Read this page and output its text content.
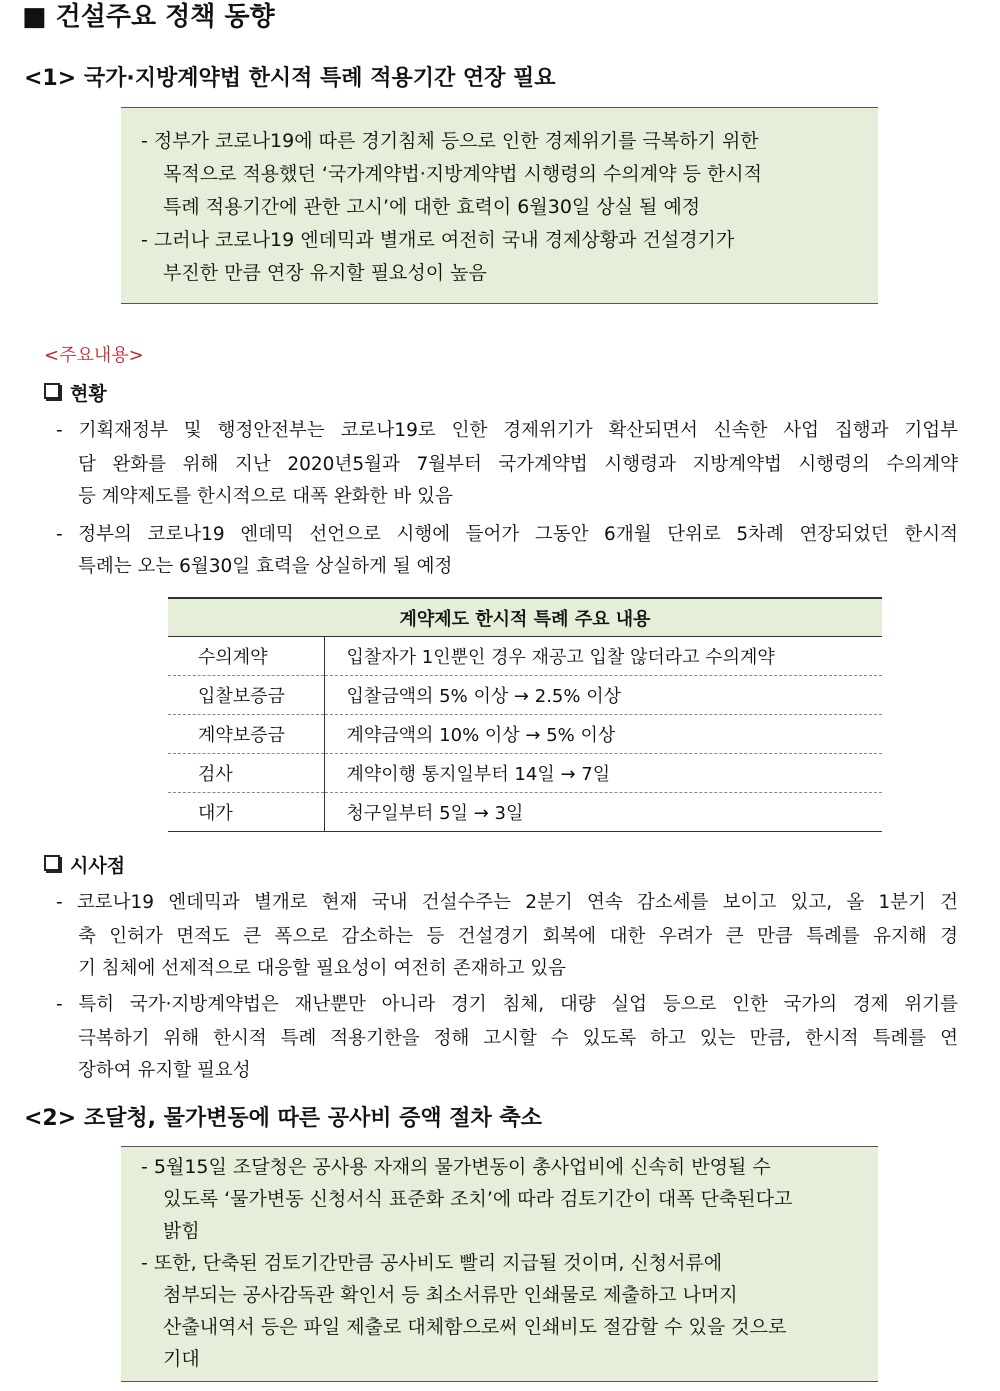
■ 건설주요 정책 동향
<1> 국가·지방계약법 한시적 특례 적용기간 연장 필요
- 정부가 코로나19에 따른 경기침체 등으로 인한 경제위기를 극복하기 위한
목적으로 적용했던 ‘국가계약법·지방계약법 시행령의 수의계약 등 한시적
특례 적용기간에 관한 고시’에 대한 효력이 6월30일 상실 될 예정
- 그러나 코로나19 엔데믹과 별개로 여전히 국내 경제상황과 건설경기가
부진한 만큼 연장 유지할 필요성이 높음
<주요내용>
현황
- 기획재정부 및 행정안전부는 코로나19로 인한 경제위기가 확산되면서 신속한 사업 집행과 기업부
담 완화를 위해 지난 2020년5월과 7월부터 국가계약법 시행령과 지방계약법 시행령의 수의계약
등 계약제도를 한시적으로 대폭 완화한 바 있음
- 정부의 코로나19 엔데믹 선언으로 시행에 들어가 그동안 6개월 단위로 5차례 연장되었던 한시적
특례는 오는 6월30일 효력을 상실하게 될 예정
계약제도 한시적 특례 주요 내용	
수의계약	입찰자가 1인뿐인 경우 재공고 입찰 않더라고 수의계약
입찰보증금	입찰금액의 5% 이상 → 2.5% 이상
계약보증금	계약금액의 10% 이상 → 5% 이상
검사	계약이행 통지일부터 14일 → 7일
대가	청구일부터 5일 → 3일
시사점
- 코로나19 엔데믹과 별개로 현재 국내 건설수주는 2분기 연속 감소세를 보이고 있고, 올 1분기 건
축 인허가 면적도 큰 폭으로 감소하는 등 건설경기 회복에 대한 우려가 큰 만큼 특례를 유지해 경
기 침체에 선제적으로 대응할 필요성이 여전히 존재하고 있음
- 특히 국가·지방계약법은 재난뿐만 아니라 경기 침체, 대량 실업 등으로 인한 국가의 경제 위기를
극복하기 위해 한시적 특례 적용기한을 정해 고시할 수 있도록 하고 있는 만큼, 한시적 특례를 연
장하여 유지할 필요성
<2> 조달청, 물가변동에 따른 공사비 증액 절차 축소
- 5월15일 조달청은 공사용 자재의 물가변동이 총사업비에 신속히 반영될 수
있도록 ‘물가변동 신청서식 표준화 조치’에 따라 검토기간이 대폭 단축된다고
밝힘
- 또한, 단축된 검토기간만큼 공사비도 빨리 지급될 것이며, 신청서류에
첨부되는 공사감독관 확인서 등 최소서류만 인쇄물로 제출하고 나머지
산출내역서 등은 파일 제출로 대체함으로써 인쇄비도 절감할 수 있을 것으로
기대
